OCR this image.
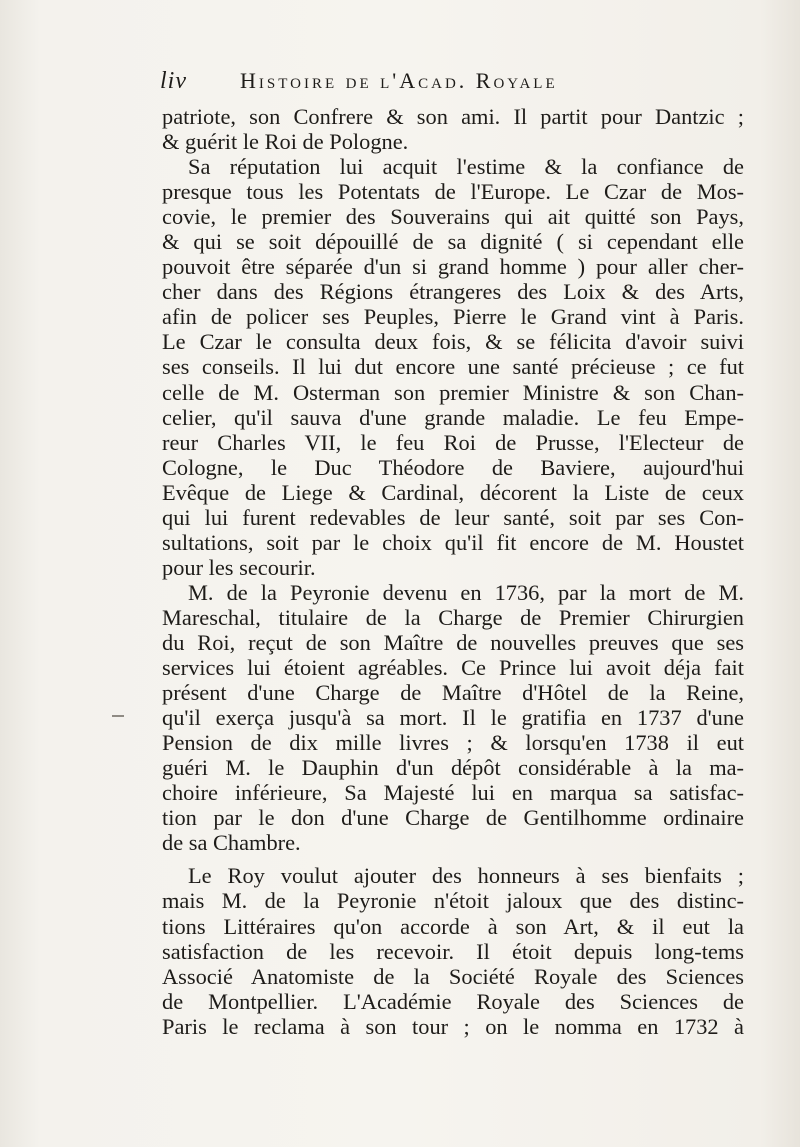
liv	Histoire de l'Acad. Royale
patriote, son Confrere & son ami. Il partit pour Dantzic ;
& guérit le Roi de Pologne.
Sa réputation lui acquit l'estime & la confiance de
presque tous les Potentats de l'Europe. Le Czar de Mos-
covie, le premier des Souverains qui ait quitté son Pays,
& qui se soit dépouillé de sa dignité ( si cependant elle
pouvoit être séparée d'un si grand homme ) pour aller cher-
cher dans des Régions étrangeres des Loix & des Arts,
afin de policer ses Peuples, Pierre le Grand vint à Paris.
Le Czar le consulta deux fois, & se félicita d'avoir suivi
ses conseils. Il lui dut encore une santé précieuse ; ce fut
celle de M. Osterman son premier Ministre & son Chan-
celier, qu'il sauva d'une grande maladie. Le feu Empe-
reur Charles VII, le feu Roi de Prusse, l'Electeur de
Cologne, le Duc Théodore de Baviere, aujourd'hui
Evêque de Liege & Cardinal, décorent la Liste de ceux
qui lui furent redevables de leur santé, soit par ses Con-
sultations, soit par le choix qu'il fit encore de M. Houstet
pour les secourir.
M. de la Peyronie devenu en 1736, par la mort de M.
Mareschal, titulaire de la Charge de Premier Chirurgien
du Roi, reçut de son Maître de nouvelles preuves que ses
services lui étoient agréables. Ce Prince lui avoit déja fait
présent d'une Charge de Maître d'Hôtel de la Reine,
qu'il exerça jusqu'à sa mort. Il le gratifia en 1737 d'une
Pension de dix mille livres ; & lorsqu'en 1738 il eut
guéri M. le Dauphin d'un dépôt considérable à la ma-
choire inférieure, Sa Majesté lui en marqua sa satisfac-
tion par le don d'une Charge de Gentilhomme ordinaire
de sa Chambre.
Le Roy voulut ajouter des honneurs à ses bienfaits ;
mais M. de la Peyronie n'étoit jaloux que des distinc-
tions Littéraires qu'on accorde à son Art, & il eut la
satisfaction de les recevoir. Il étoit depuis long-tems
Associé Anatomiste de la Société Royale des Sciences
de Montpellier. L'Académie Royale des Sciences de
Paris le reclama à son tour ; on le nomma en 1732 à
